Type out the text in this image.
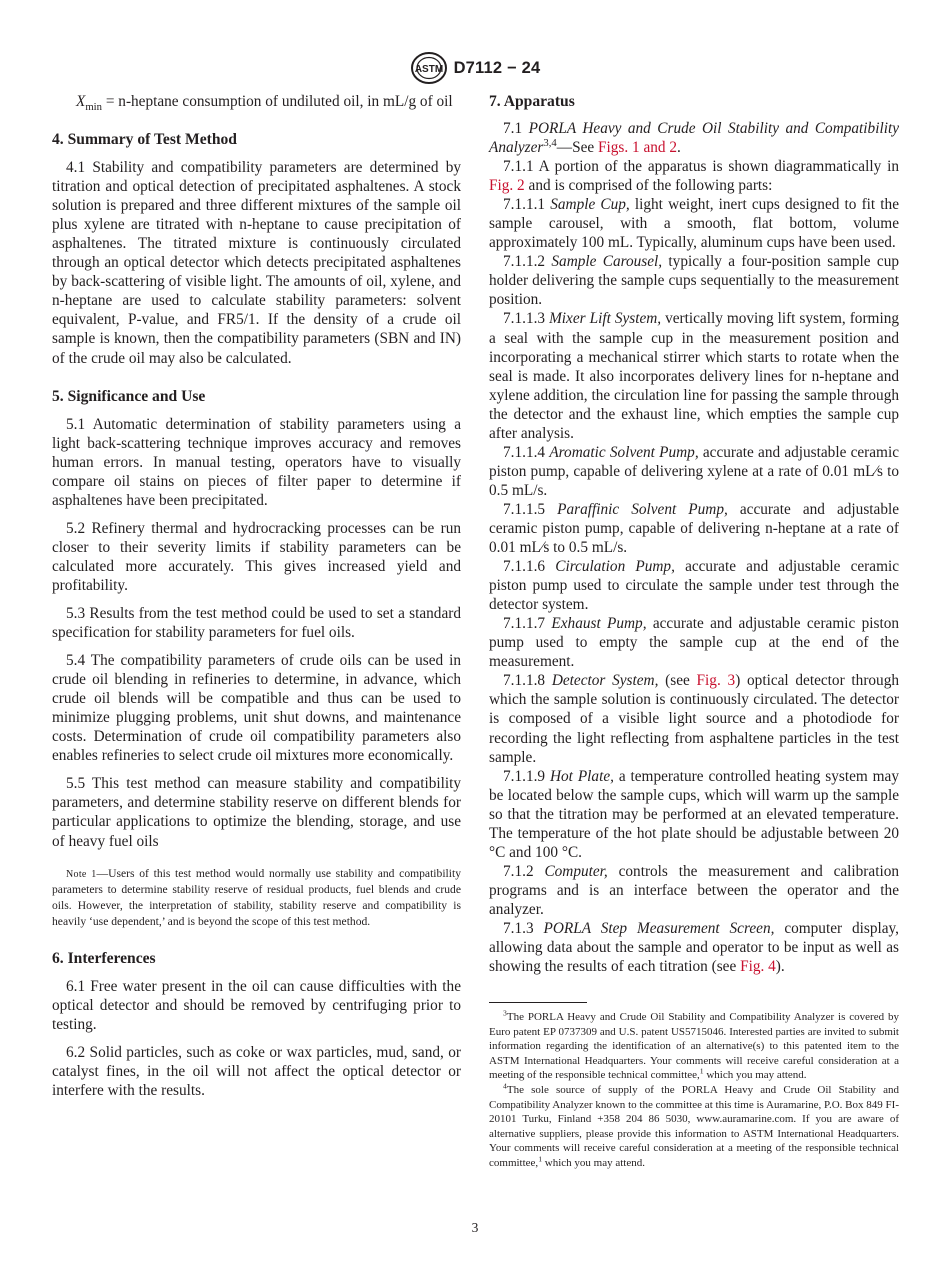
ASTM D7112 − 24

$X_{min} = n-heptane$ consumption of undiluted oil, in mL/g of oil

4. Summary of Test Method

4.1 Stability and compatibility parameters are determined by titration and optical detection of precipitated asphaltenes. A stock solution is prepared and three different mixtures of the sample oil plus xylene are titrated with n-heptane to cause precipitation of asphaltenes. The titrated mixture is continuously circulated through an optical detector which detects precipitated asphaltenes by back-scattering of visible light. The amounts of oil, xylene, and n-heptane are used to calculate stability parameters: solvent equivalent, P-value, and FR5/1. If the density of a crude oil sample is known, then the compatibility parameters (SBN and IN) of the crude oil may also be calculated.

5. Significance and Use

5.1 Automatic determination of stability parameters using a light back-scattering technique improves accuracy and removes human errors. In manual testing, operators have to visually compare oil stains on pieces of filter paper to determine if asphaltenes have been precipitated.

5.2 Refinery thermal and hydrocracking processes can be run closer to their severity limits if stability parameters can be calculated more accurately. This gives increased yield and profitability.

5.3 Results from the test method could be used to set a standard specification for stability parameters for fuel oils.

5.4 The compatibility parameters of crude oils can be used in crude oil blending in refineries to determine, in advance, which crude oil blends will be compatible and thus can be used to minimize plugging problems, unit shut downs, and maintenance costs. Determination of crude oil compatibility parameters also enables refineries to select crude oil mixtures more economically.

5.5 This test method can measure stability and compatibility parameters, and determine stability reserve on different blends for particular applications to optimize the blending, storage, and use of heavy fuel oils

Note 1—Users of this test method would normally use stability and compatibility parameters to determine stability reserve of residual products, fuel blends and crude oils. However, the interpretation of stability, stability reserve and compatibility is heavily ‘use dependent,’ and is beyond the scope of this test method.
6. Interferences

6.1 Free water present in the oil can cause difficulties with the optical detector and should be removed by centrifuging prior to testing.

6.2 Solid particles, such as coke or wax particles, mud, sand, or catalyst fines, in the oil will not affect the optical detector or interfere with the results.

7. Apparatus

7.1 PORLA Heavy and Crude Oil Stability and Compatibility Analyzer$^{3,4}$—See Figs. 1 and 2.

7.1.1 A portion of the apparatus is shown diagrammatically in Fig. 2 and is comprised of the following parts:

7.1.1.1 Sample Cup, light weight, inert cups designed to fit the sample carousel, with a smooth, flat bottom, volume approximately 100 mL. Typically, aluminum cups have been used.

7.1.1.2 Sample Carousel, typically a four-position sample cup holder delivering the sample cups sequentially to the measurement position.

7.1.1.3 Mixer Lift System, vertically moving lift system, forming a seal with the sample cup in the measurement position and incorporating a mechanical stirrer which starts to rotate when the seal is made. It also incorporates delivery lines for n-heptane and xylene addition, the circulation line for passing the sample through the detector and the exhaust line, which empties the sample cup after analysis.

7.1.1.4 Aromatic Solvent Pump, accurate and adjustable ceramic piston pump, capable of delivering xylene at a rate of 0.01 mL⁄s to 0.5 mL/s.

7.1.1.5 Paraffinic Solvent Pump, accurate and adjustable ceramic piston pump, capable of delivering n-heptane at a rate of 0.01 mL⁄s to 0.5 mL/s.

7.1.1.6 Circulation Pump, accurate and adjustable ceramic piston pump used to circulate the sample under test through the detector system.

7.1.1.7 Exhaust Pump, accurate and adjustable ceramic piston pump used to empty the sample cup at the end of the measurement.

7.1.1.8 Detector System, (see Fig. 3) optical detector through which the sample solution is continuously circulated. The detector is composed of a visible light source and a photodiode for recording the light reflecting from asphaltene particles in the test sample.

7.1.1.9 Hot Plate, a temperature controlled heating system may be located below the sample cups, which will warm up the sample so that the titration may be performed at an elevated temperature. The temperature of the hot plate should be adjustable between 20 °C and 100 °C.

7.1.2 Computer, controls the measurement and calibration programs and is an interface between the operator and the analyzer.

7.1.3 PORLA Step Measurement Screen, computer display, allowing data about the sample and operator to be input as well as showing the results of each titration (see Fig. 4).

$^3$The PORLA Heavy and Crude Oil Stability and Compatibility Analyzer is covered by Euro patent EP 0737309 and U.S. patent US5715046. Interested parties are invited to submit information regarding the identification of an alternative(s) to this patented item to the ASTM International Headquarters. Your comments will receive careful consideration at a meeting of the responsible technical committee,$^1$ which you may attend.

$^4$The sole source of supply of the PORLA Heavy and Crude Oil Stability and Compatibility Analyzer known to the committee at this time is Auramarine, P.O. Box 849 FI-20101 Turku, Finland +358 204 86 5030, www.auramarine.com. If you are aware of alternative suppliers, please provide this information to ASTM International Headquarters. Your comments will receive careful consideration at a meeting of the responsible technical committee,$^1$ which you may attend.

3
